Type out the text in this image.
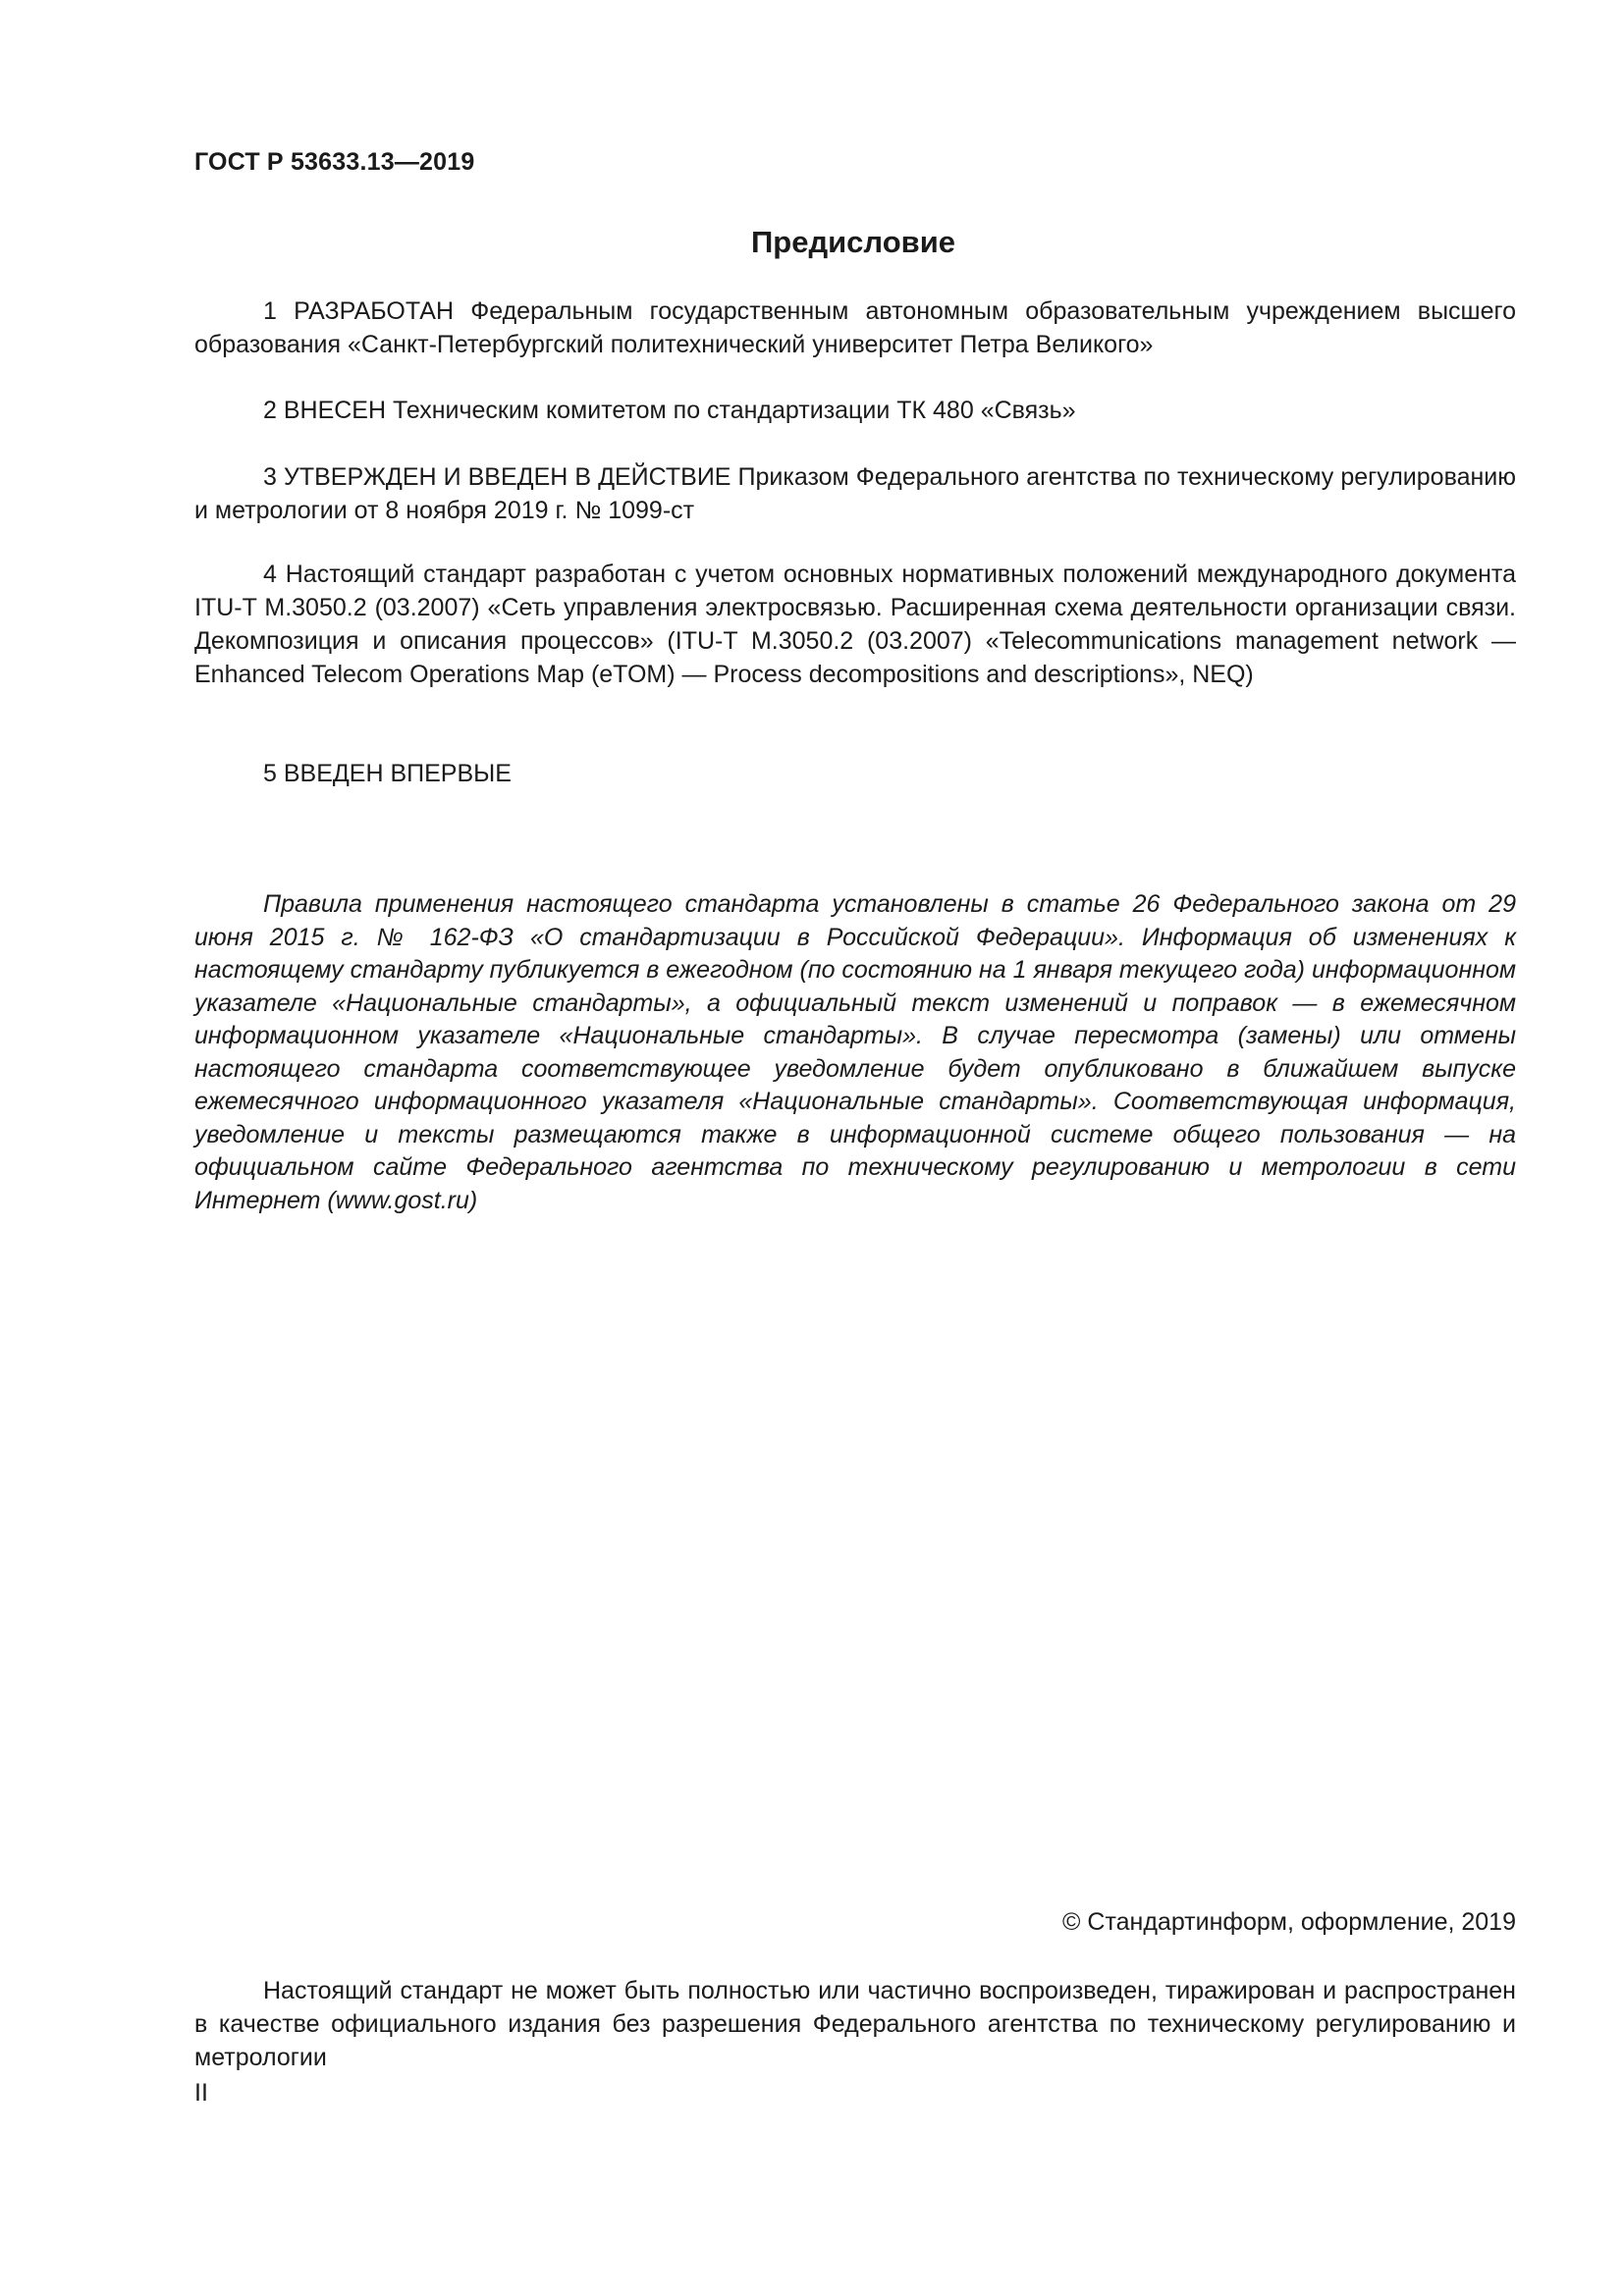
ГОСТ Р 53633.13—2019
Предисловие

1 РАЗРАБОТАН Федеральным государственным автономным образовательным учреждением высшего образования «Санкт-Петербургский политехнический университет Петра Великого»

2 ВНЕСЕН Техническим комитетом по стандартизации ТК 480 «Связь»

3 УТВЕРЖДЕН И ВВЕДЕН В ДЕЙСТВИЕ Приказом Федерального агентства по техническому регулированию и метрологии от 8 ноября 2019 г. № 1099-ст

4 Настоящий стандарт разработан с учетом основных нормативных положений международного документа ITU-T M.3050.2 (03.2007) «Сеть управления электросвязью. Расширенная схема деятельности организации связи. Декомпозиция и описания процессов» (ITU-T M.3050.2 (03.2007) «Telecommunications management network — Enhanced Telecom Operations Map (eTOM) — Process decompositions and descriptions», NEQ)

5 ВВЕДЕН ВПЕРВЫЕ

Правила применения настоящего стандарта установлены в статье 26 Федерального закона от 29 июня 2015 г. № 162-ФЗ «О стандартизации в Российской Федерации». Информация об изменениях к настоящему стандарту публикуется в ежегодном (по состоянию на 1 января текущего года) информационном указателе «Национальные стандарты», а официальный текст изменений и поправок — в ежемесячном информационном указателе «Национальные стандарты». В случае пересмотра (замены) или отмены настоящего стандарта соответствующее уведомление будет опубликовано в ближайшем выпуске ежемесячного информационного указателя «Национальные стандарты». Соответствующая информация, уведомление и тексты размещаются также в информационной системе общего пользования — на официальном сайте Федерального агентства по техническому регулированию и метрологии в сети Интернет (www.gost.ru)

© Стандартинформ, оформление, 2019

Настоящий стандарт не может быть полностью или частично воспроизведен, тиражирован и распространен в качестве официального издания без разрешения Федерального агентства по техническому регулированию и метрологии

II
